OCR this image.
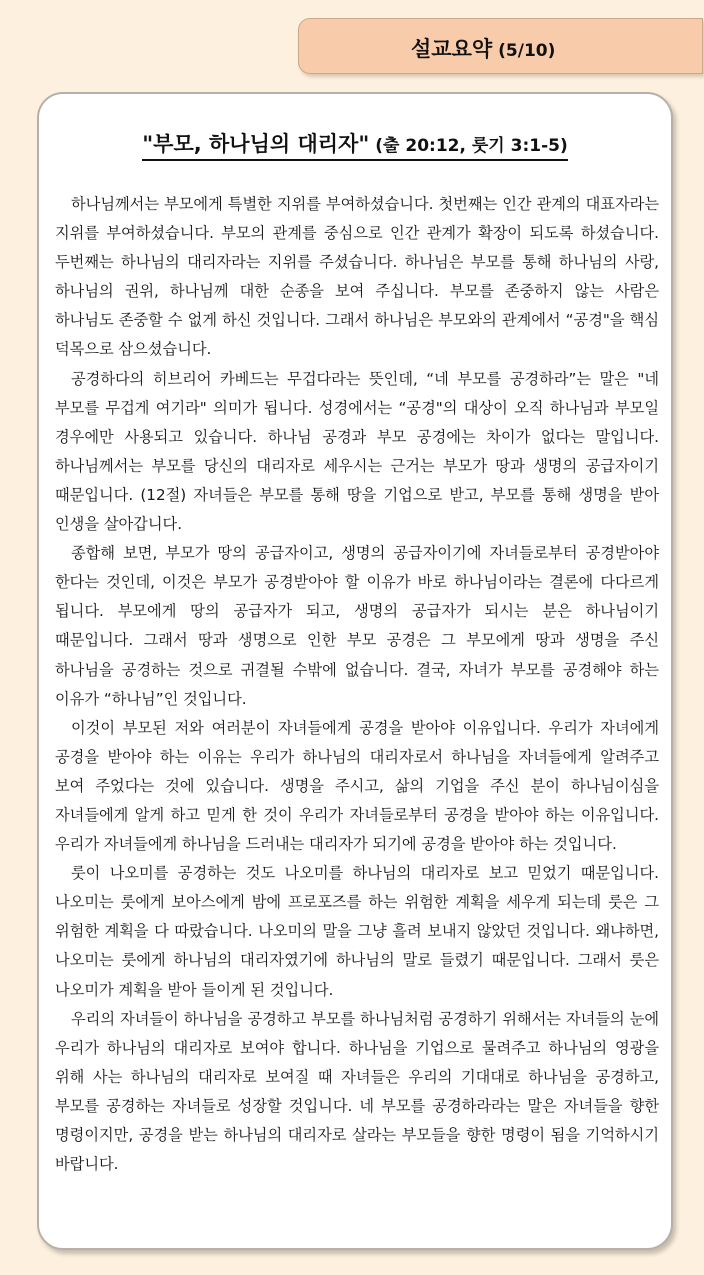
설교요약 (5/10)
"부모, 하나님의 대리자" (출 20:12, 룻기 3:1-5)

하나님께서는 부모에게 특별한 지위를 부여하셨습니다. 첫번째는 인간 관계의 대표자라는 지위를 부여하셨습니다. 부모의 관계를 중심으로 인간 관계가 확장이 되도록 하셨습니다. 두번째는 하나님의 대리자라는 지위를 주셨습니다. 하나님은 부모를 통해 하나님의 사랑, 하나님의 권위, 하나님께 대한 순종을 보여 주십니다. 부모를 존중하지 않는 사람은 하나님도 존중할 수 없게 하신 것입니다. 그래서 하나님은 부모와의 관계에서 “공경"을 핵심 덕목으로 삼으셨습니다.

공경하다의 히브리어 카베드는 무겁다라는 뜻인데, “네 부모를 공경하라”는 말은 "네 부모를 무겁게 여기라" 의미가 됩니다. 성경에서는 “공경"의 대상이 오직 하나님과 부모일 경우에만 사용되고 있습니다. 하나님 공경과 부모 공경에는 차이가 없다는 말입니다. 하나님께서는 부모를 당신의 대리자로 세우시는 근거는 부모가 땅과 생명의 공급자이기 때문입니다. (12절) 자녀들은 부모를 통해 땅을 기업으로 받고, 부모를 통해 생명을 받아 인생을 살아갑니다.

종합해 보면, 부모가 땅의 공급자이고, 생명의 공급자이기에 자녀들로부터 공경받아야 한다는 것인데, 이것은 부모가 공경받아야 할 이유가 바로 하나님이라는 결론에 다다르게 됩니다. 부모에게 땅의 공급자가 되고, 생명의 공급자가 되시는 분은 하나님이기 때문입니다. 그래서 땅과 생명으로 인한 부모 공경은 그 부모에게 땅과 생명을 주신 하나님을 공경하는 것으로 귀결될 수밖에 없습니다. 결국, 자녀가 부모를 공경해야 하는 이유가 “하나님”인 것입니다.

이것이 부모된 저와 여러분이 자녀들에게 공경을 받아야 이유입니다. 우리가 자녀에게 공경을 받아야 하는 이유는 우리가 하나님의 대리자로서 하나님을 자녀들에게 알려주고 보여 주었다는 것에 있습니다. 생명을 주시고, 삶의 기업을 주신 분이 하나님이심을 자녀들에게 알게 하고 믿게 한 것이 우리가 자녀들로부터 공경을 받아야 하는 이유입니다. 우리가 자녀들에게 하나님을 드러내는 대리자가 되기에 공경을 받아야 하는 것입니다.

룻이 나오미를 공경하는 것도 나오미를 하나님의 대리자로 보고 믿었기 때문입니다. 나오미는 룻에게 보아스에게 밤에 프로포즈를 하는 위험한 계획을 세우게 되는데 룻은 그 위험한 계획을 다 따랐습니다. 나오미의 말을 그냥 흘려 보내지 않았던 것입니다. 왜냐하면, 나오미는 룻에게 하나님의 대리자였기에 하나님의 말로 들렸기 때문입니다. 그래서 룻은 나오미가 계획을 받아 들이게 된 것입니다.

우리의 자녀들이 하나님을 공경하고 부모를 하나님처럼 공경하기 위해서는 자녀들의 눈에 우리가 하나님의 대리자로 보여야 합니다. 하나님을 기업으로 물려주고 하나님의 영광을 위해 사는 하나님의 대리자로 보여질 때 자녀들은 우리의 기대대로 하나님을 공경하고, 부모를 공경하는 자녀들로 성장할 것입니다. 네 부모를 공경하라라는 말은 자녀들을 향한 명령이지만, 공경을 받는 하나님의 대리자로 살라는 부모들을 향한 명령이 됨을 기억하시기 바랍니다.
